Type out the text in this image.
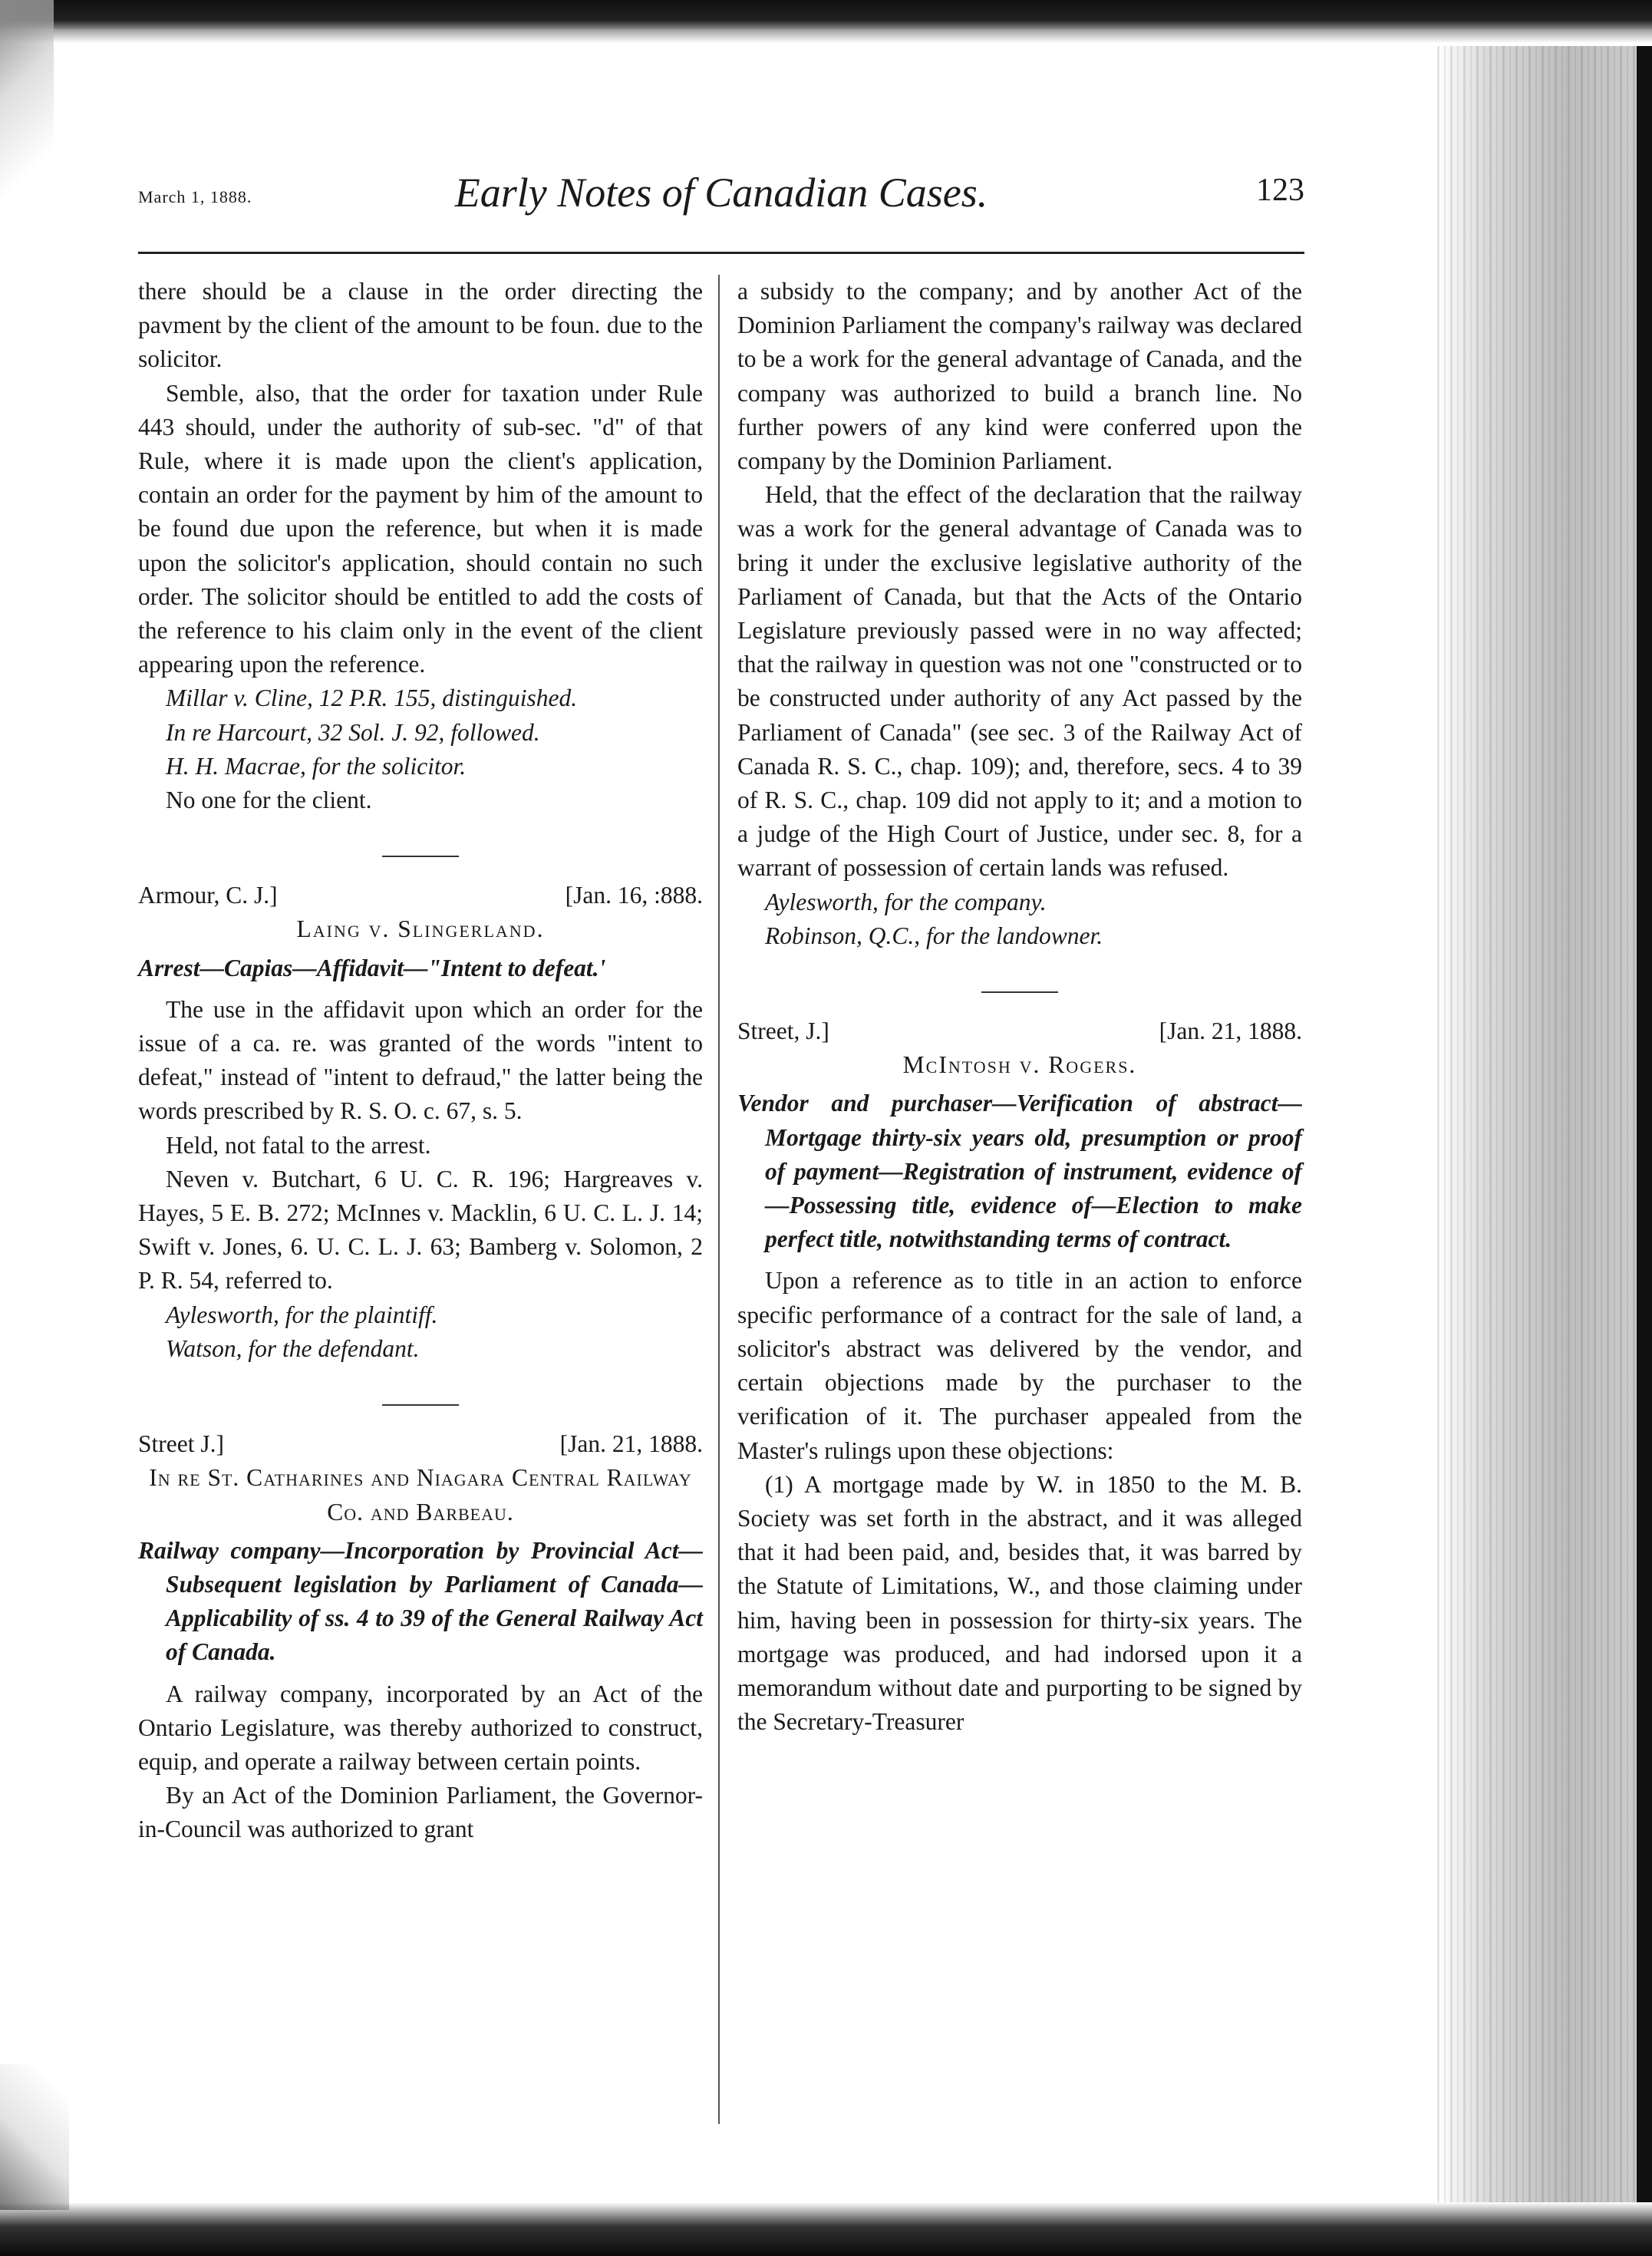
March 1, 1888.	Early Notes of Canadian Cases.	123

there should be a clause in the order directing the pavment by the client of the amount to be foun. due to the solicitor.

Semble, also, that the order for taxation under Rule 443 should, under the authority of sub-sec. "d" of that Rule, where it is made upon the client's application, contain an order for the payment by him of the amount to be found due upon the reference, but when it is made upon the solicitor's application, should contain no such order. The solicitor should be entitled to add the costs of the reference to his claim only in the event of the client appearing upon the reference.

Millar v. Cline, 12 P.R. 155, distinguished.

In re Harcourt, 32 Sol. J. 92, followed.

H. H. Macrae, for the solicitor.

No one for the client.

Armour, C. J.]	[Jan. 16, :888.

Laing v. Slingerland.

Arrest—Capias—Affidavit—"Intent to defeat.'

The use in the affidavit upon which an order for the issue of a ca. re. was granted of the words "intent to defeat," instead of "intent to defraud," the latter being the words prescribed by R. S. O. c. 67, s. 5.

Held, not fatal to the arrest.

Neven v. Butchart, 6 U. C. R. 196; Hargreaves v. Hayes, 5 E. B. 272; McInnes v. Macklin, 6 U. C. L. J. 14; Swift v. Jones, 6. U. C. L. J. 63; Bamberg v. Solomon, 2 P. R. 54, referred to.

Aylesworth, for the plaintiff.

Watson, for the defendant.

Street J.]	[Jan. 21, 1888.

In re St. Catharines and Niagara Central Railway Co. and Barbeau.

Railway company—Incorporation by Provincial Act—Subsequent legislation by Parliament of Canada—Applicability of ss. 4 to 39 of the General Railway Act of Canada.

A railway company, incorporated by an Act of the Ontario Legislature, was thereby authorized to construct, equip, and operate a railway between certain points.

By an Act of the Dominion Parliament, the Governor-in-Council was authorized to grant

a subsidy to the company; and by another Act of the Dominion Parliament the company's railway was declared to be a work for the general advantage of Canada, and the company was authorized to build a branch line. No further powers of any kind were conferred upon the company by the Dominion Parliament.

Held, that the effect of the declaration that the railway was a work for the general advantage of Canada was to bring it under the exclusive legislative authority of the Parliament of Canada, but that the Acts of the Ontario Legislature previously passed were in no way affected; that the railway in question was not one "constructed or to be constructed under authority of any Act passed by the Parliament of Canada" (see sec. 3 of the Railway Act of Canada R. S. C., chap. 109); and, therefore, secs. 4 to 39 of R. S. C., chap. 109 did not apply to it; and a motion to a judge of the High Court of Justice, under sec. 8, for a warrant of possession of certain lands was refused.

Aylesworth, for the company.

Robinson, Q.C., for the landowner.

Street, J.]	[Jan. 21, 1888.

McIntosh v. Rogers.

Vendor and purchaser—Verification of abstract—Mortgage thirty-six years old, presumption or proof of payment—Registration of instrument, evidence of—Possessing title, evidence of—Election to make perfect title, notwithstanding terms of contract.

Upon a reference as to title in an action to enforce specific performance of a contract for the sale of land, a solicitor's abstract was delivered by the vendor, and certain objections made by the purchaser to the verification of it. The purchaser appealed from the Master's rulings upon these objections:

(1) A mortgage made by W. in 1850 to the M. B. Society was set forth in the abstract, and it was alleged that it had been paid, and, besides that, it was barred by the Statute of Limitations, W., and those claiming under him, having been in possession for thirty-six years. The mortgage was produced, and had indorsed upon it a memorandum without date and purporting to be signed by the Secretary-Treasurer
